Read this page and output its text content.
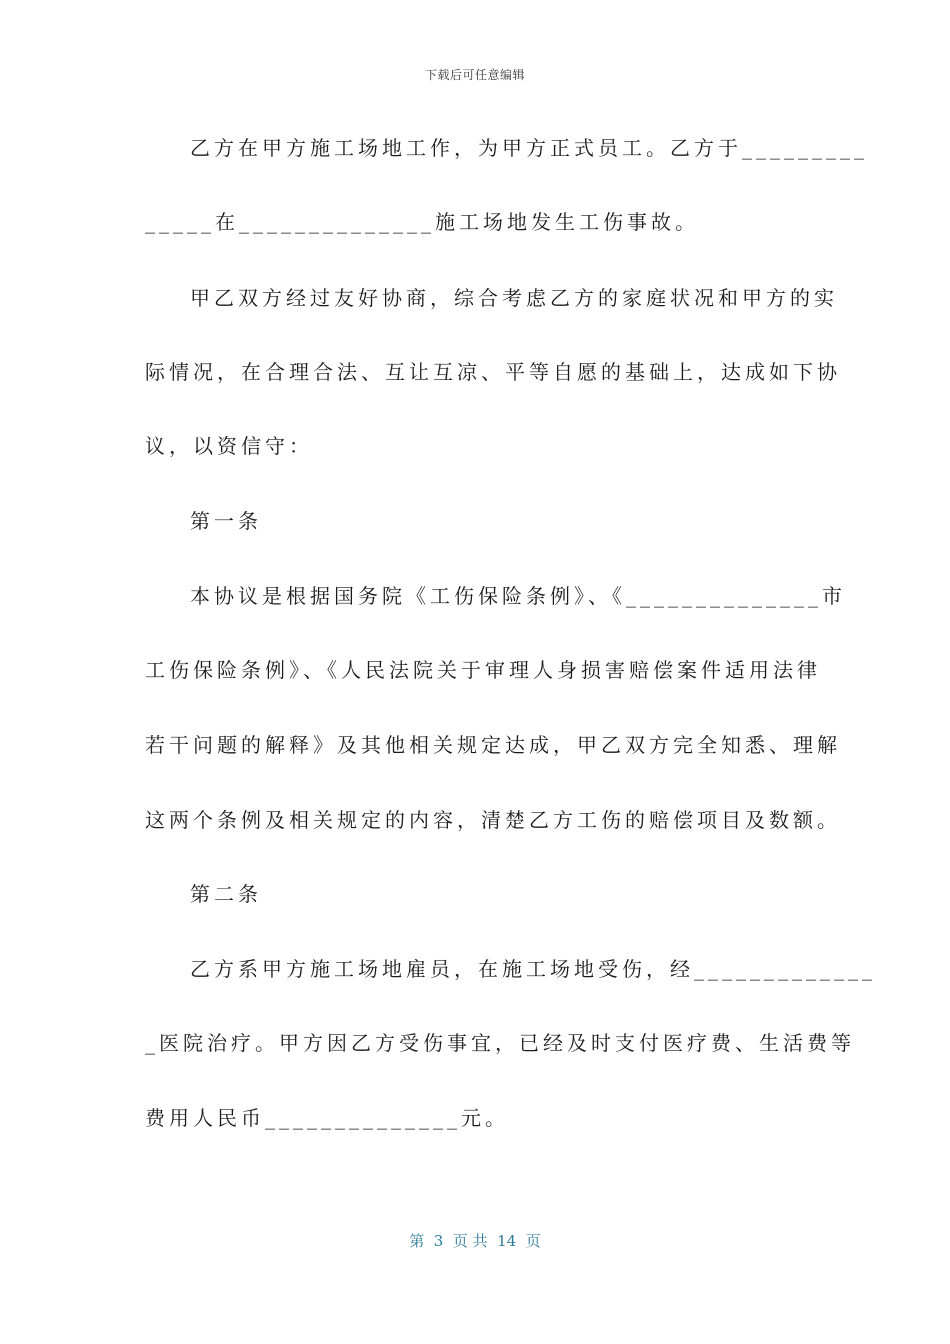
下载后可任意编辑
乙方在甲方施工场地工作，为甲方正式员工。乙方于_________
_____在______________施工场地发生工伤事故。
甲乙双方经过友好协商，综合考虑乙方的家庭状况和甲方的实
际情况，在合理合法、互让互凉、平等自愿的基础上，达成如下协
议，以资信守：
第一条
本协议是根据国务院《工伤保险条例》、《______________市
工伤保险条例》、《人民法院关于审理人身损害赔偿案件适用法律
若干问题的解释》及其他相关规定达成，甲乙双方完全知悉、理解
这两个条例及相关规定的内容，清楚乙方工伤的赔偿项目及数额。
第二条
乙方系甲方施工场地雇员，在施工场地受伤，经_____________
_医院治疗。甲方因乙方受伤事宜，已经及时支付医疗费、生活费等
费用人民币______________元。
第  3  页 共  14  页
